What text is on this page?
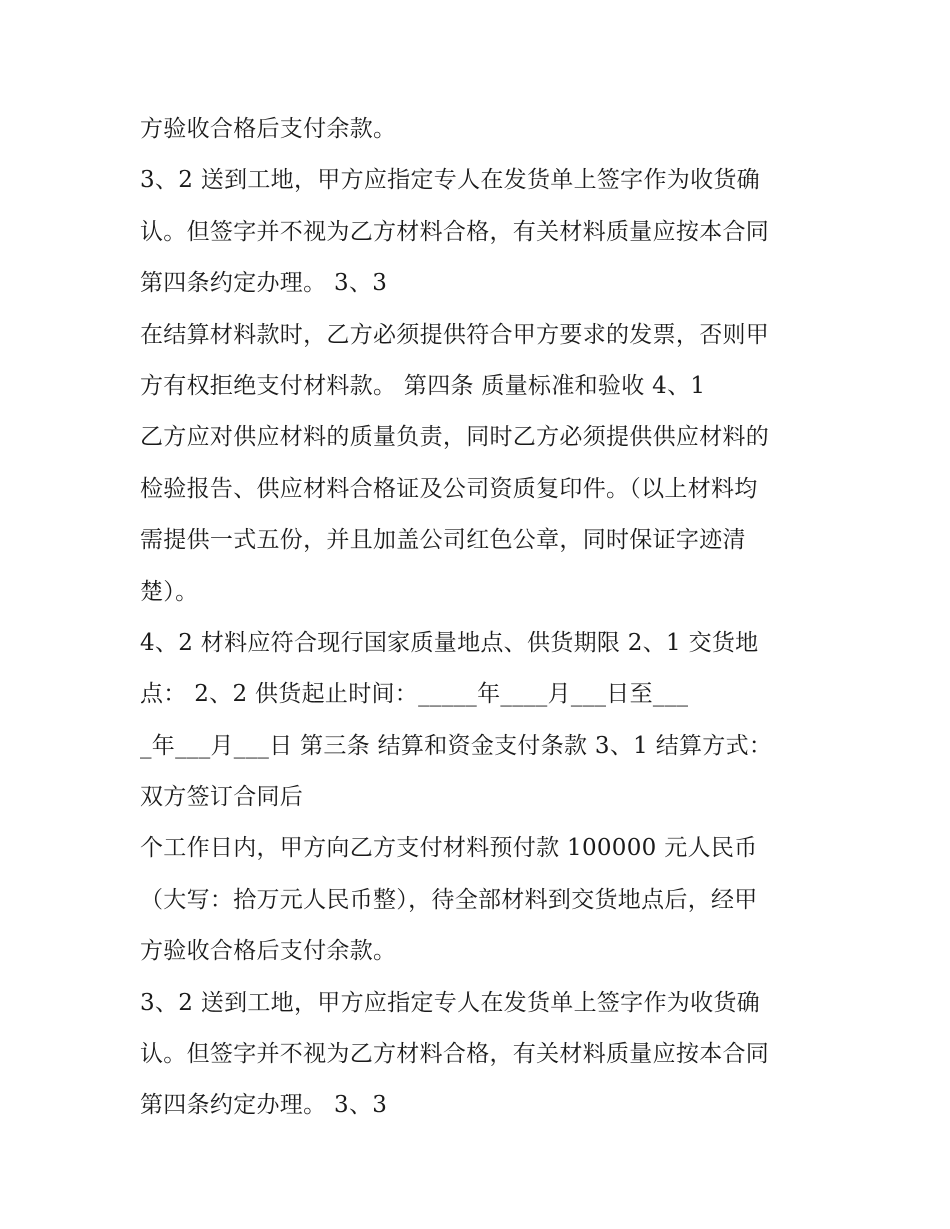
方验收合格后支付余款。
3、2 送到工地，甲方应指定专人在发货单上签字作为收货确
认。但签字并不视为乙方材料合格，有关材料质量应按本合同
第四条约定办理。 3、3
在结算材料款时，乙方必须提供符合甲方要求的发票，否则甲
方有权拒绝支付材料款。 第四条 质量标准和验收 4、1
乙方应对供应材料的质量负责，同时乙方必须提供供应材料的
检验报告、供应材料合格证及公司资质复印件。（以上材料均
需提供一式五份，并且加盖公司红色公章，同时保证字迹清
楚）。
4、2 材料应符合现行国家质量地点、供货期限 2、1 交货地
点： 2、2 供货起止时间：_____年____月___日至___
_年___月___日 第三条 结算和资金支付条款 3、1 结算方式：
双方签订合同后
个工作日内，甲方向乙方支付材料预付款 100000 元人民币
（大写：拾万元人民币整），待全部材料到交货地点后，经甲
方验收合格后支付余款。
3、2 送到工地，甲方应指定专人在发货单上签字作为收货确
认。但签字并不视为乙方材料合格，有关材料质量应按本合同
第四条约定办理。 3、3
